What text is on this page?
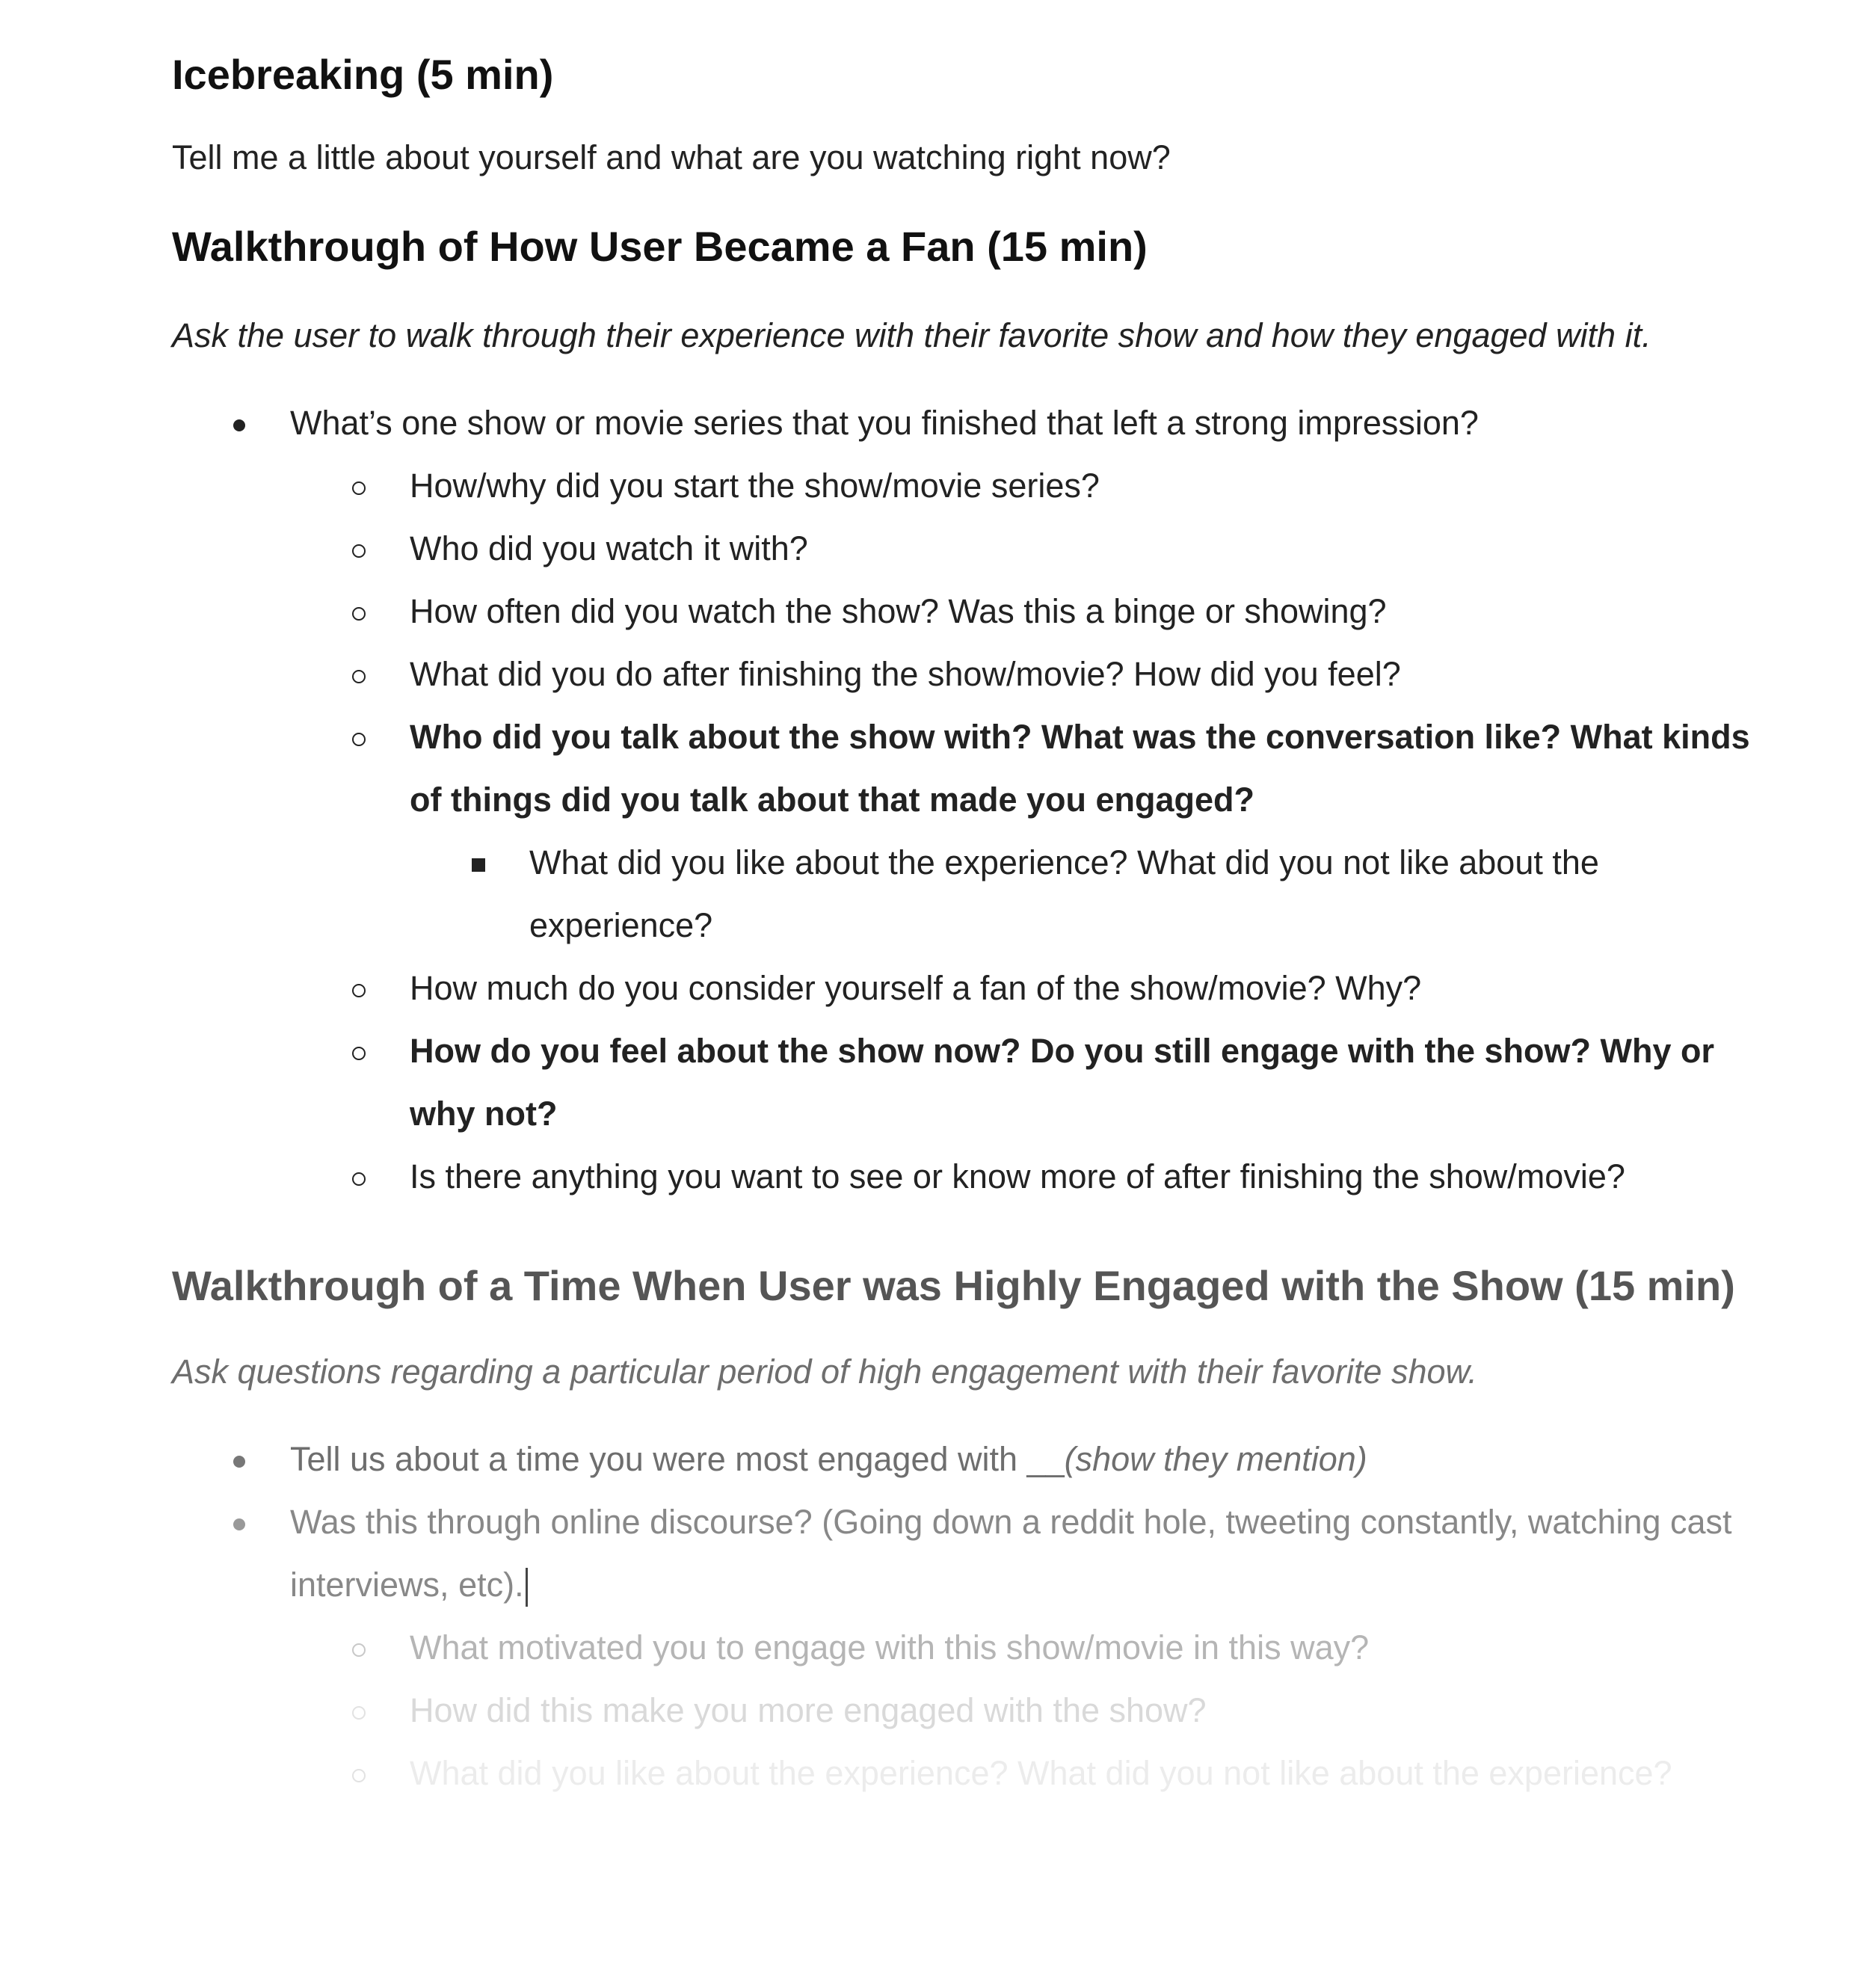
Icebreaking (5 min)

Tell me a little about yourself and what are you watching right now?

Walkthrough of How User Became a Fan (15 min)

Ask the user to walk through their experience with their favorite show and how they engaged with it.

What’s one show or movie series that you finished that left a strong impression?
How/why did you start the show/movie series?
Who did you watch it with?
How often did you watch the show? Was this a binge or showing?
What did you do after finishing the show/movie? How did you feel?
Who did you talk about the show with? What was the conversation like? What kinds of things did you talk about that made you engaged?
What did you like about the experience? What did you not like about the experience?
How much do you consider yourself a fan of the show/movie? Why?
How do you feel about the show now? Do you still engage with the show? Why or why not?
Is there anything you want to see or know more of after finishing the show/movie?
Walkthrough of a Time When User was Highly Engaged with the Show (15 min)

Ask questions regarding a particular period of high engagement with their favorite show.

Tell us about a time you were most engaged with __(show they mention)
Was this through online discourse? (Going down a reddit hole, tweeting constantly, watching cast interviews, etc).
What motivated you to engage with this show/movie in this way?
How did this make you more engaged with the show?
What did you like about the experience? What did you not like about the experience?
